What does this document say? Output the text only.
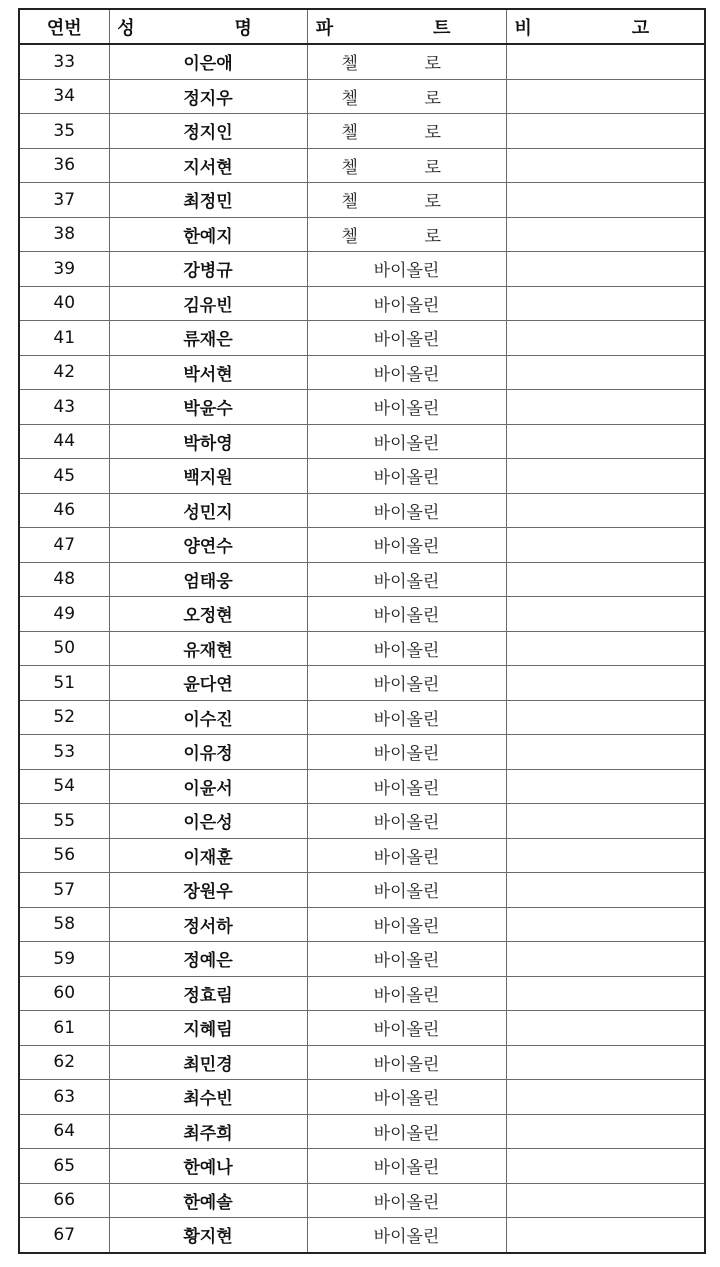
연번	성 명	파 트	비 고
33	이은애	첼 로	
34	정지우	첼 로	
35	정지인	첼 로	
36	지서현	첼 로	
37	최정민	첼 로	
38	한예지	첼 로	
39	강병규	바이올린	
40	김유빈	바이올린	
41	류재은	바이올린	
42	박서현	바이올린	
43	박윤수	바이올린	
44	박하영	바이올린	
45	백지원	바이올린	
46	성민지	바이올린	
47	양연수	바이올린	
48	엄태웅	바이올린	
49	오정현	바이올린	
50	유재현	바이올린	
51	윤다연	바이올린	
52	이수진	바이올린	
53	이유정	바이올린	
54	이윤서	바이올린	
55	이은성	바이올린	
56	이재훈	바이올린	
57	장원우	바이올린	
58	정서하	바이올린	
59	정예은	바이올린	
60	정효림	바이올린	
61	지혜림	바이올린	
62	최민경	바이올린	
63	최수빈	바이올린	
64	최주희	바이올린	
65	한예나	바이올린	
66	한예솔	바이올린	
67	황지현	바이올린	
